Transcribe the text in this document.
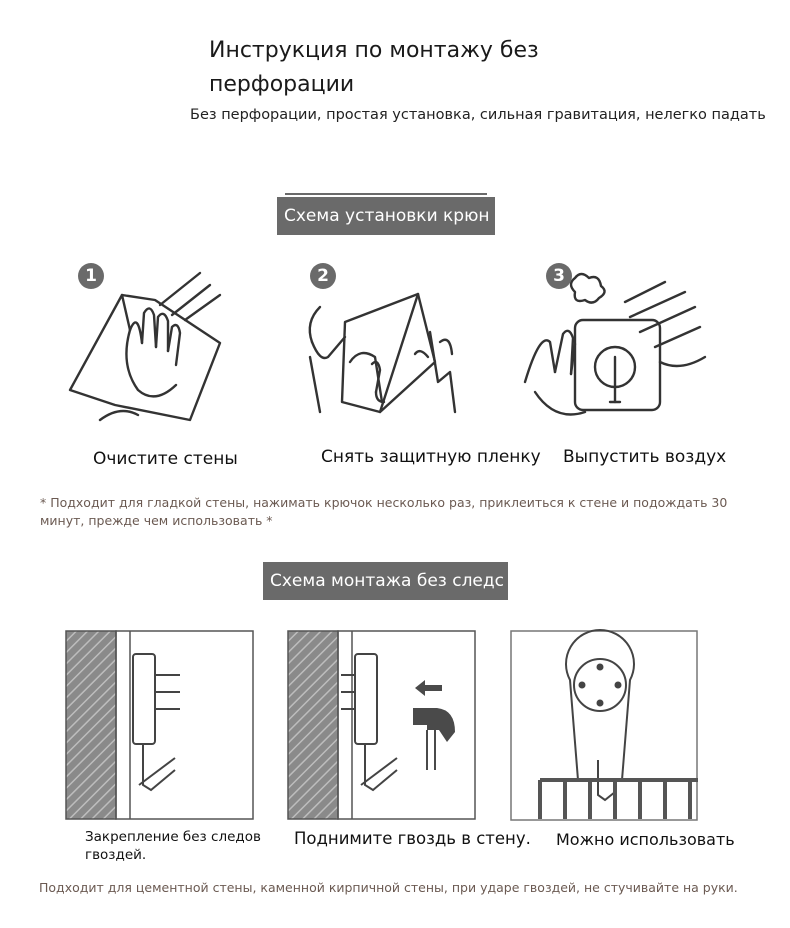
Инструкция по монтажу без перфорации
Без перфорации, простая установка, сильная гравитация, нелегко падать
Схема установки крюн
1
Очистите стены
2
Снять защитную пленку
3
Выпустить воздух
* Подходит для гладкой стены, нажимать крючок несколько раз, приклеиться к стене и подождать 30 минут, прежде чем использовать *
Схема монтажа без следс
Закрепление без следов гвоздей.
Поднимите гвоздь в стену. Можно использовать
Подходит для цементной стены, каменной кирпичной стены, при ударе гвоздей, не стучивайте на руки.
